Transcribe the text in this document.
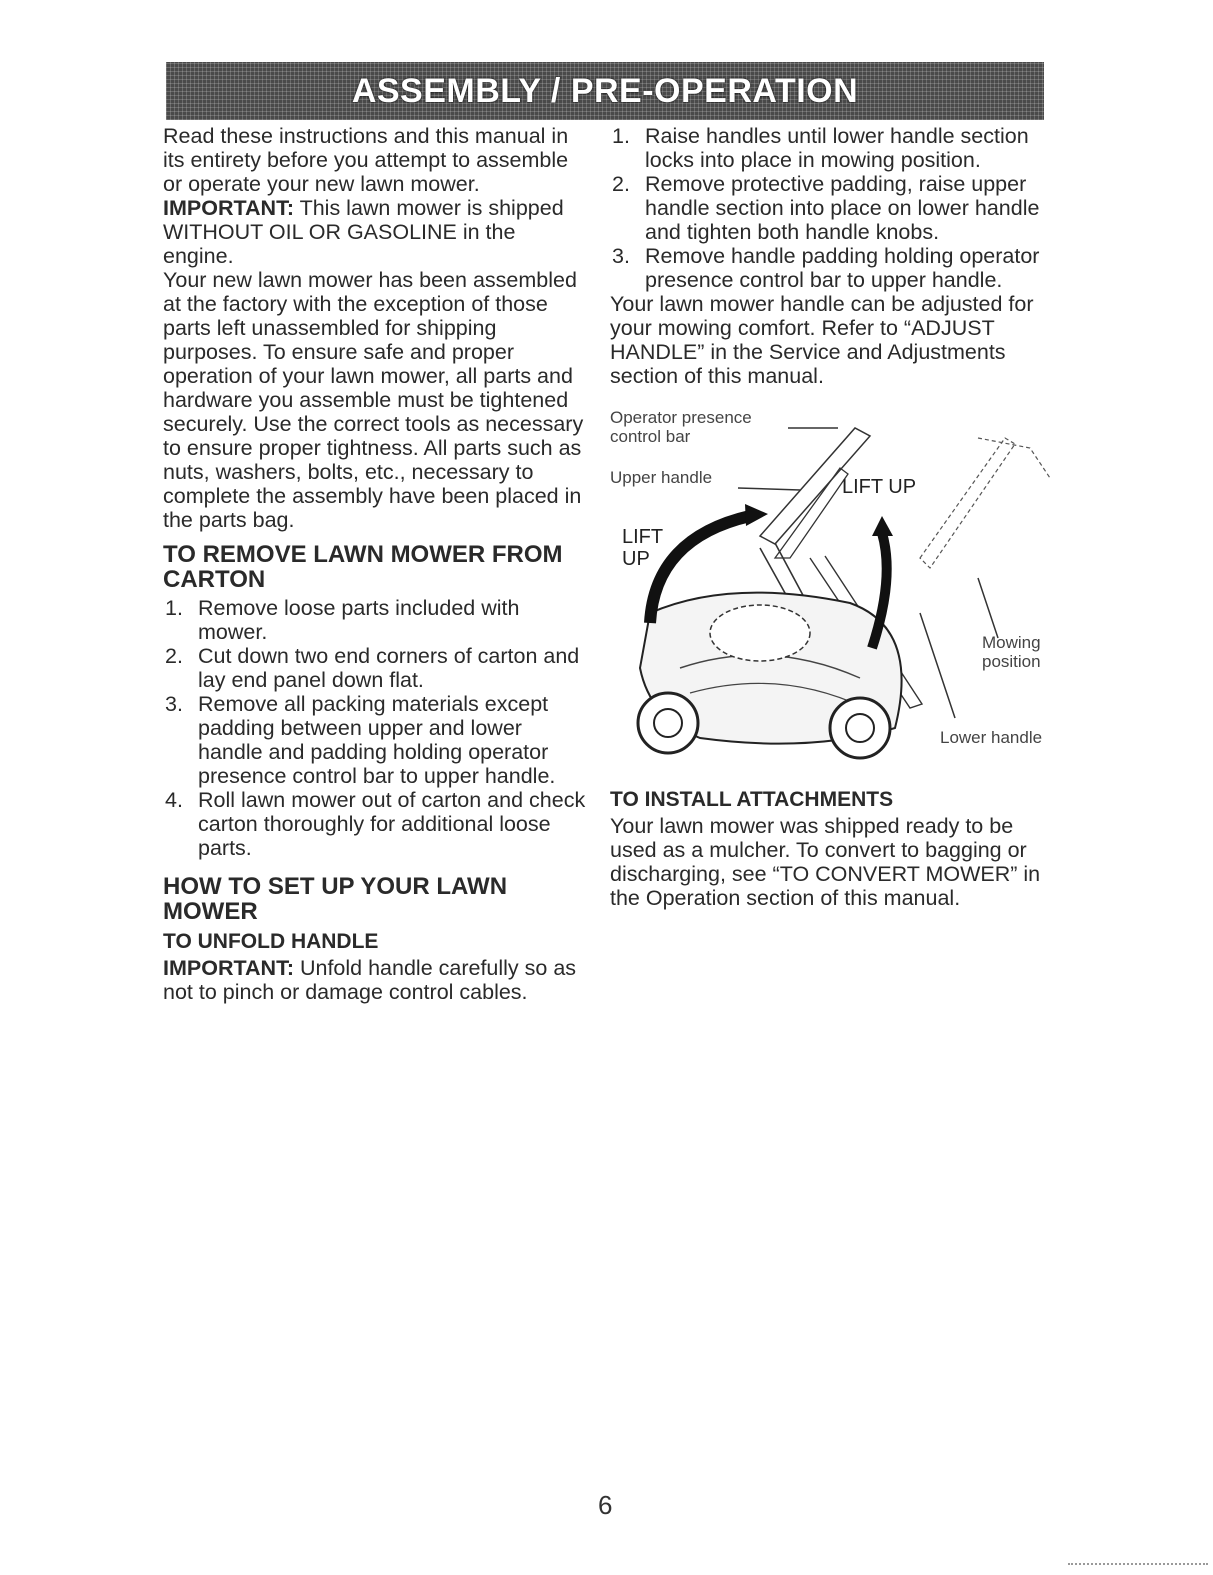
ASSEMBLY / PRE-OPERATION

Read these instructions and this manual in its entirety before you attempt to assemble or operate your new lawn mower.

IMPORTANT: This lawn mower is shipped WITHOUT OIL OR GASOLINE in the engine.

Your new lawn mower has been assembled at the factory with the exception of those parts left unassembled for shipping purposes. To ensure safe and proper operation of your lawn mower, all parts and hardware you assemble must be tightened securely. Use the correct tools as necessary to ensure proper tightness. All parts such as nuts, washers, bolts, etc., necessary to complete the assembly have been placed in the parts bag.

TO REMOVE LAWN MOWER FROM CARTON
1. Remove loose parts included with mower.
2. Cut down two end corners of carton and lay end panel down flat.
3. Remove all packing materials except padding between upper and lower handle and padding holding operator presence control bar to upper handle.
4. Roll lawn mower out of carton and check carton thoroughly for additional loose parts.
HOW TO SET UP YOUR LAWN MOWER
TO UNFOLD HANDLE

IMPORTANT: Unfold handle carefully so as not to pinch or damage control cables.

1. Raise handles until lower handle section locks into place in mowing position.
2. Remove protective padding, raise upper handle section into place on lower handle and tighten both handle knobs.
3. Remove handle padding holding operator presence control bar to upper handle.

Your lawn mower handle can be adjusted for your mowing comfort. Refer to “ADJUST HANDLE” in the Service and Adjustments section of this manual.

Operator presence control bar
Upper handle	LIFT UP
LIFT
UP
Mowing position
Lower handle
TO INSTALL ATTACHMENTS

Your lawn mower was shipped ready to be used as a mulcher. To convert to bagging or discharging, see “TO CONVERT MOWER” in the Operation section of this manual.

6
